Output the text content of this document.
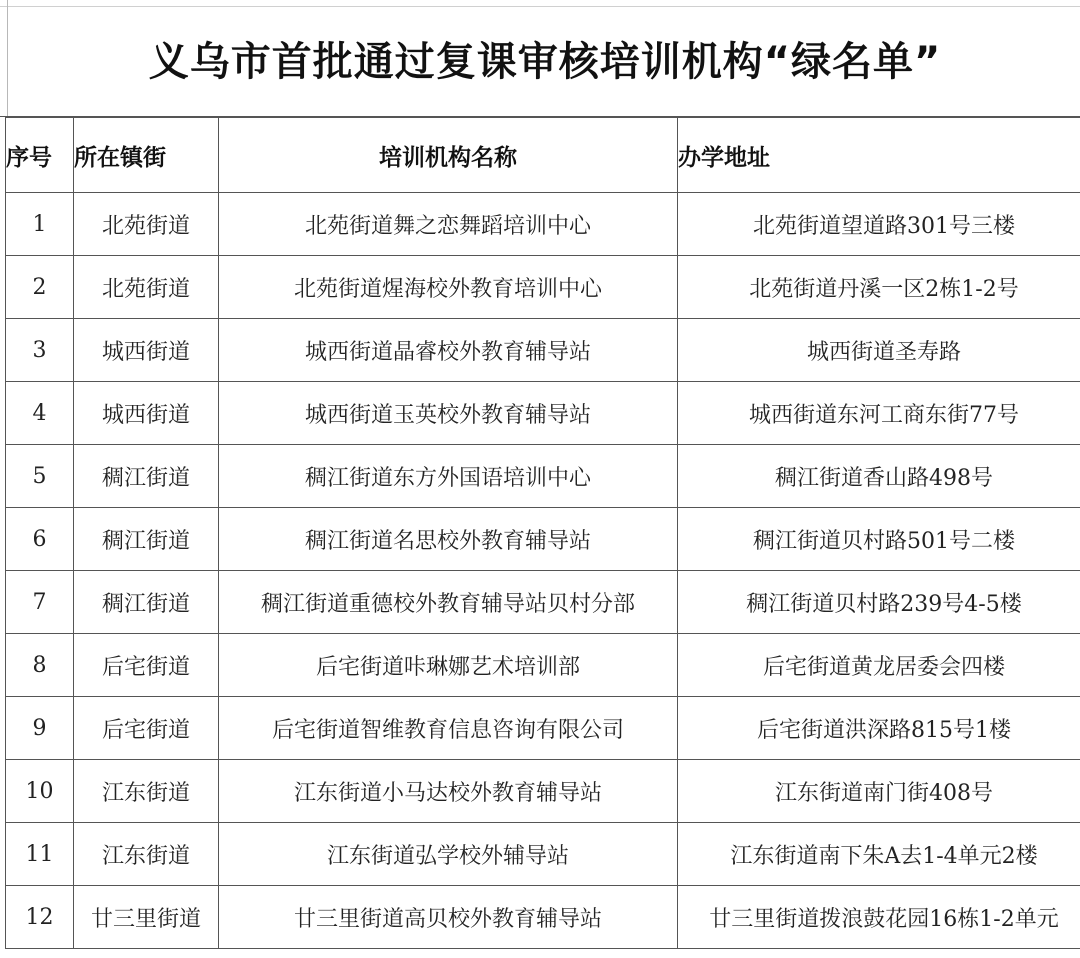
义乌市首批通过复课审核培训机构“绿名单”
序号	所在镇街	培训机构名称	办学地址
1	北苑街道	北苑街道舞之恋舞蹈培训中心	北苑街道望道路301号三楼
2	北苑街道	北苑街道煋海校外教育培训中心	北苑街道丹溪一区2栋1-2号
3	城西街道	城西街道晶睿校外教育辅导站	城西街道圣寿路
4	城西街道	城西街道玉英校外教育辅导站	城西街道东河工商东街77号
5	稠江街道	稠江街道东方外国语培训中心	稠江街道香山路498号
6	稠江街道	稠江街道名思校外教育辅导站	稠江街道贝村路501号二楼
7	稠江街道	稠江街道重德校外教育辅导站贝村分部	稠江街道贝村路239号4-5楼
8	后宅街道	后宅街道咔琳娜艺术培训部	后宅街道黄龙居委会四楼
9	后宅街道	后宅街道智维教育信息咨询有限公司	后宅街道洪深路815号1楼
10	江东街道	江东街道小马达校外教育辅导站	江东街道南门街408号
11	江东街道	江东街道弘学校外辅导站	江东街道南下朱A去1-4单元2楼
12	廿三里街道	廿三里街道高贝校外教育辅导站	廿三里街道拨浪鼓花园16栋1-2单元
